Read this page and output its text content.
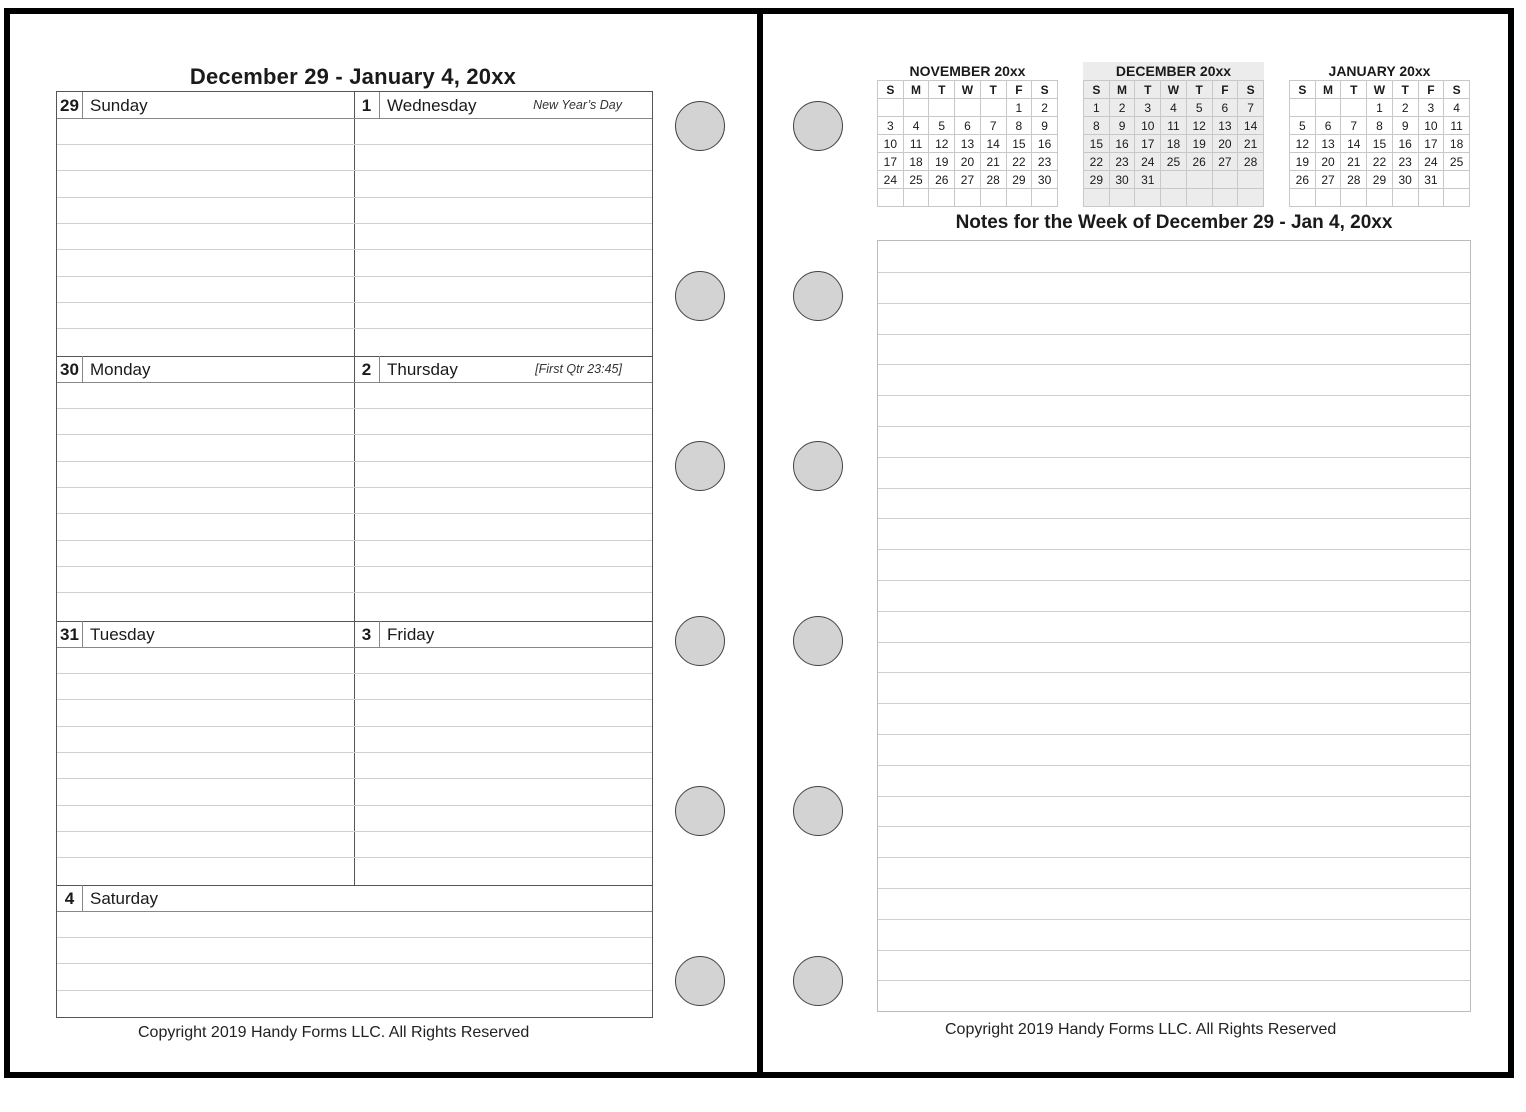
December 29 - January 4, 20xx
29 Sunday	1 Wednesday	New Year’s Day
30 Monday	2 Thursday	[First Qtr 23:45]
31 Tuesday	3 Friday
4 Saturday
Copyright 2019 Handy Forms LLC. All Rights Reserved
NOVEMBER 20xx
S	M	T	W	T	F	S
					1	2
3	4	5	6	7	8	9
10	11	12	13	14	15	16
17	18	19	20	21	22	23
24	25	26	27	28	29	30

DECEMBER 20xx
S	M	T	W	T	F	S
1	2	3	4	5	6	7
8	9	10	11	12	13	14
15	16	17	18	19	20	21
22	23	24	25	26	27	28
29	30	31				

JANUARY 20xx
S	M	T	W	T	F	S
			1	2	3	4
5	6	7	8	9	10	11
12	13	14	15	16	17	18
19	20	21	22	23	24	25
26	27	28	29	30	31	

Notes for the Week of December 29 - Jan 4, 20xx
Copyright 2019 Handy Forms LLC. All Rights Reserved
